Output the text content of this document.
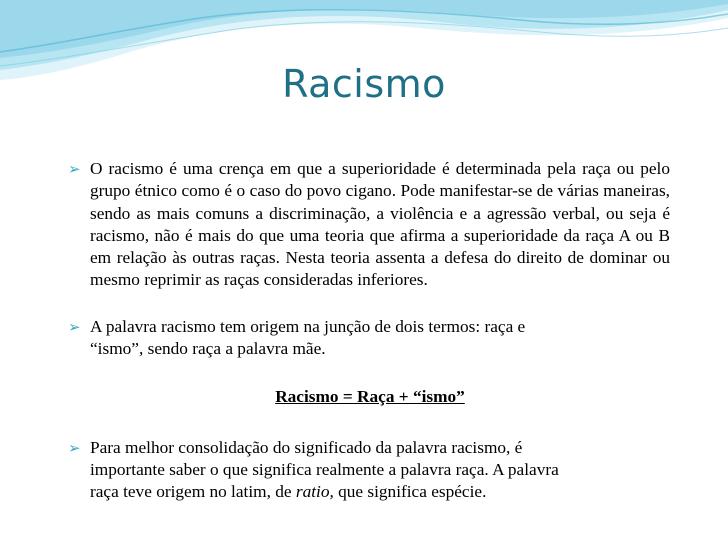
Racismo

➢ O racismo é uma crença em que a superioridade é determinada pela raça ou pelo grupo étnico como é o caso do povo cigano. Pode manifestar-se de várias maneiras, sendo as mais comuns a discriminação, a violência e a agressão verbal, ou seja é racismo, não é mais do que uma teoria que afirma a superioridade da raça A ou B em relação às outras raças. Nesta teoria assenta a defesa do direito de dominar ou mesmo reprimir as raças consideradas inferiores.

➢ A palavra racismo tem origem na junção de dois termos: raça e
“ismo”, sendo raça a palavra mãe.

Racismo = Raça + “ismo”

➢ Para melhor consolidação do significado da palavra racismo, é
importante saber o que significa realmente a palavra raça. A palavra
raça teve origem no latim, de ratio, que significa espécie.
